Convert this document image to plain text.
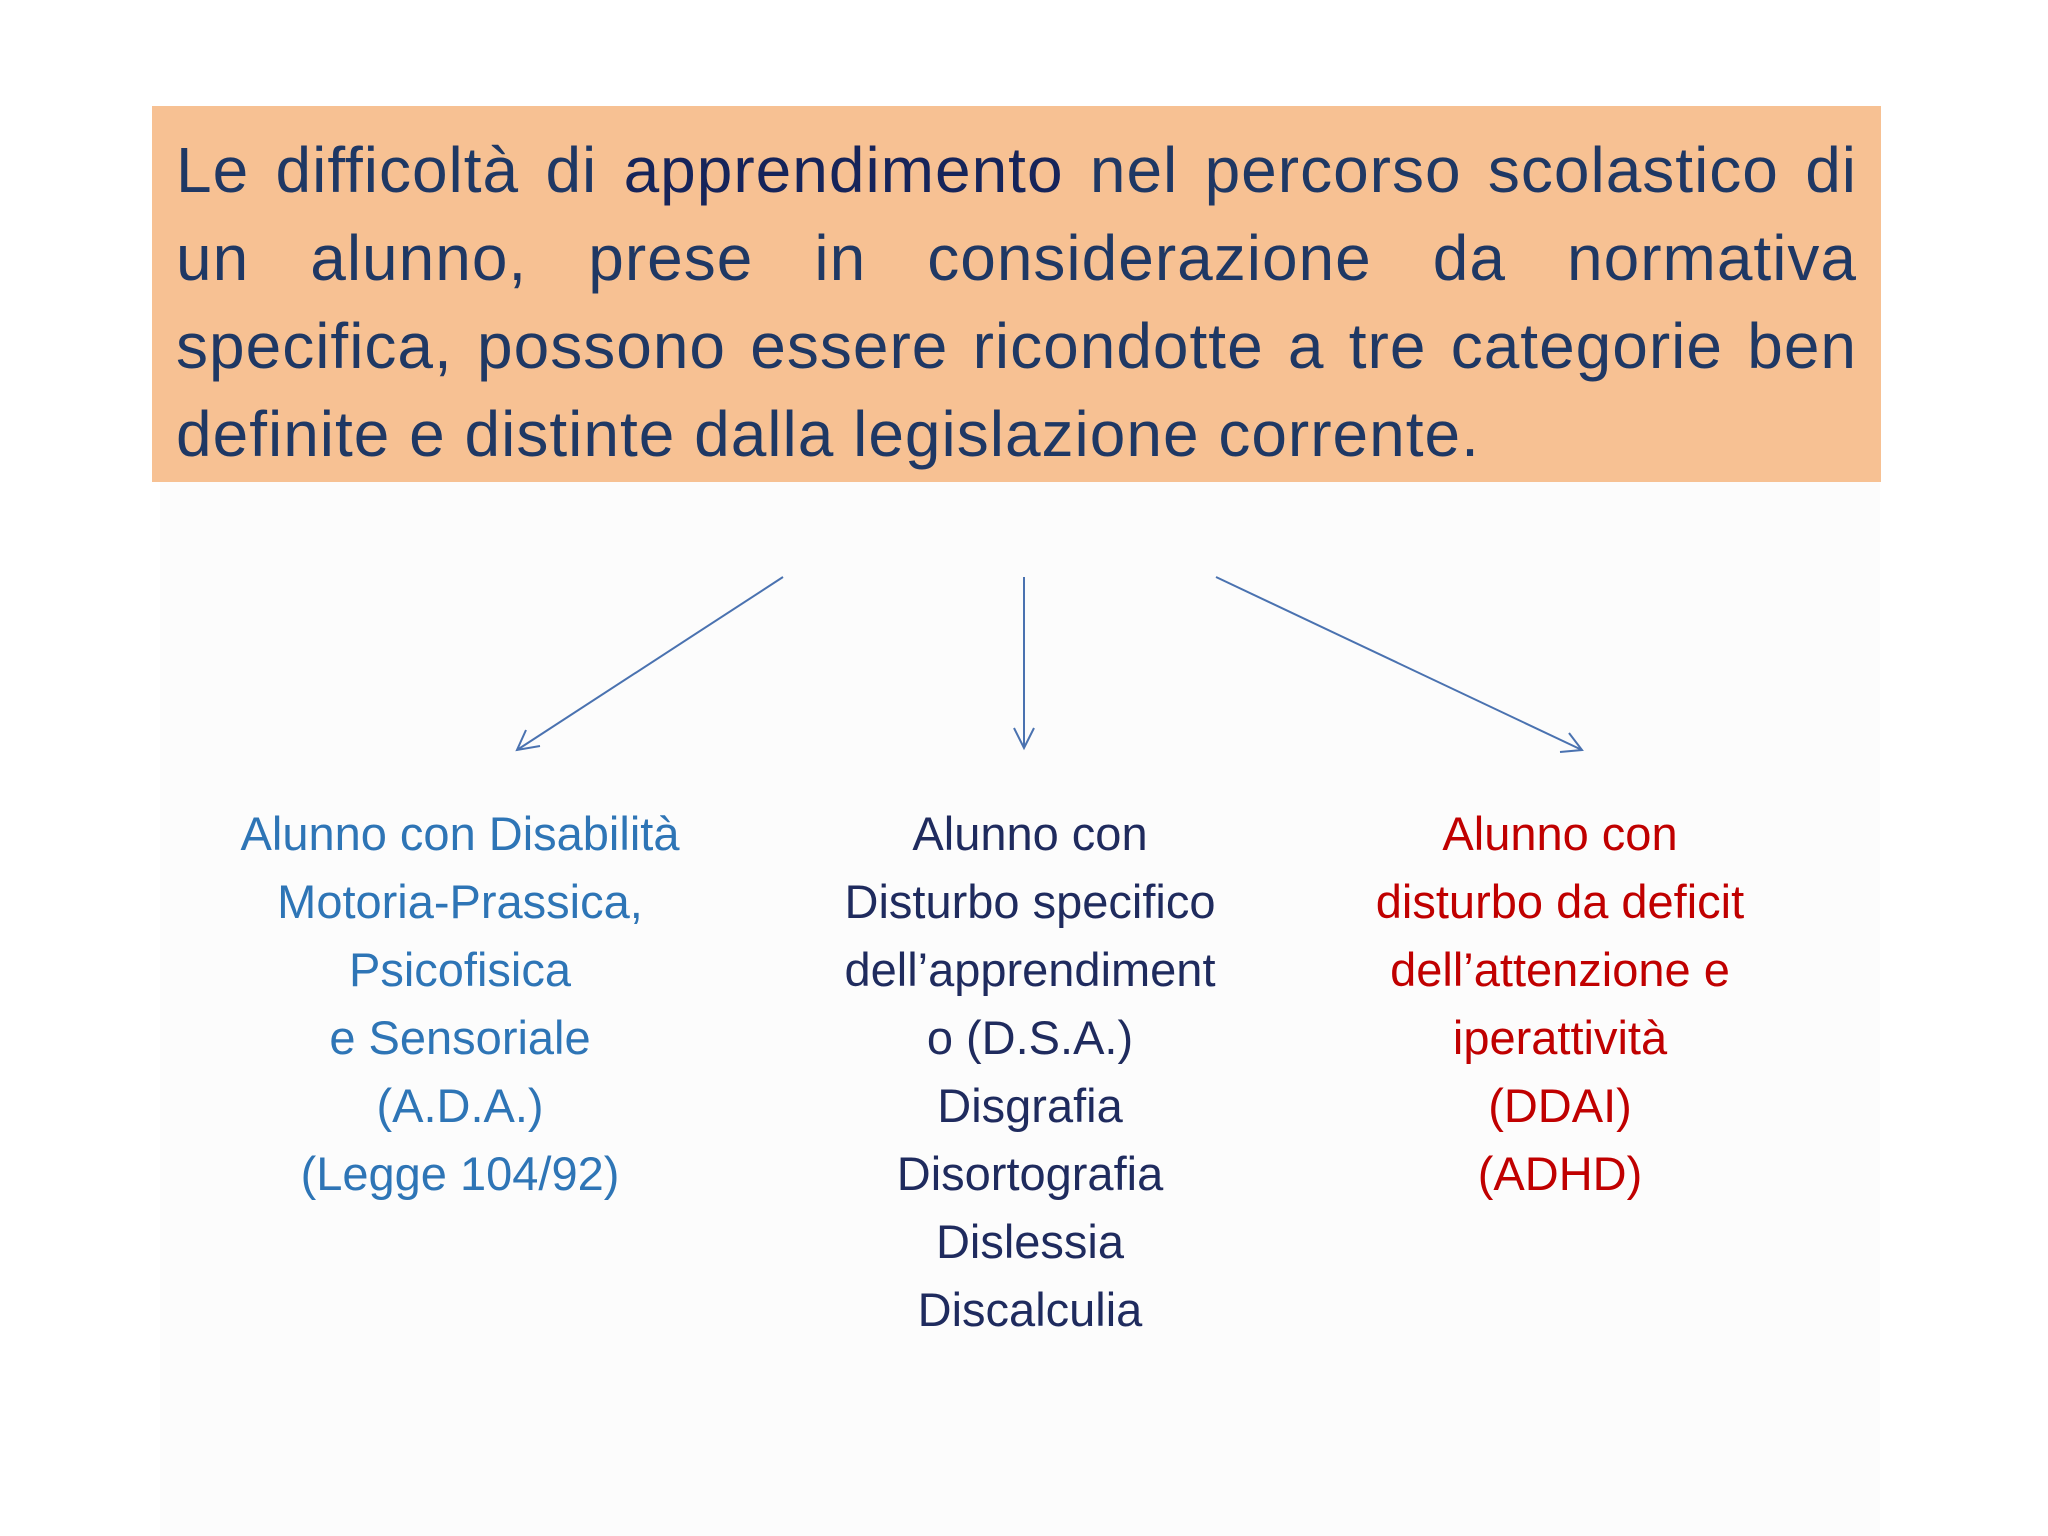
Le difficoltà di apprendimento nel percorso scolastico di un alunno, prese in considerazione da normativa specifica, possono essere ricondotte a tre categorie ben definite e distinte dalla legislazione corrente.

Alunno con Disabilità
Motoria-Prassica,
Psicofisica
e Sensoriale
(A.D.A.)
(Legge 104/92)
Alunno con
Disturbo specifico
dell’apprendiment
o (D.S.A.)
Disgrafia
Disortografia
Dislessia
Discalculia
Alunno con
disturbo da deficit
dell’attenzione e
iperattività
(DDAI)
(ADHD)
